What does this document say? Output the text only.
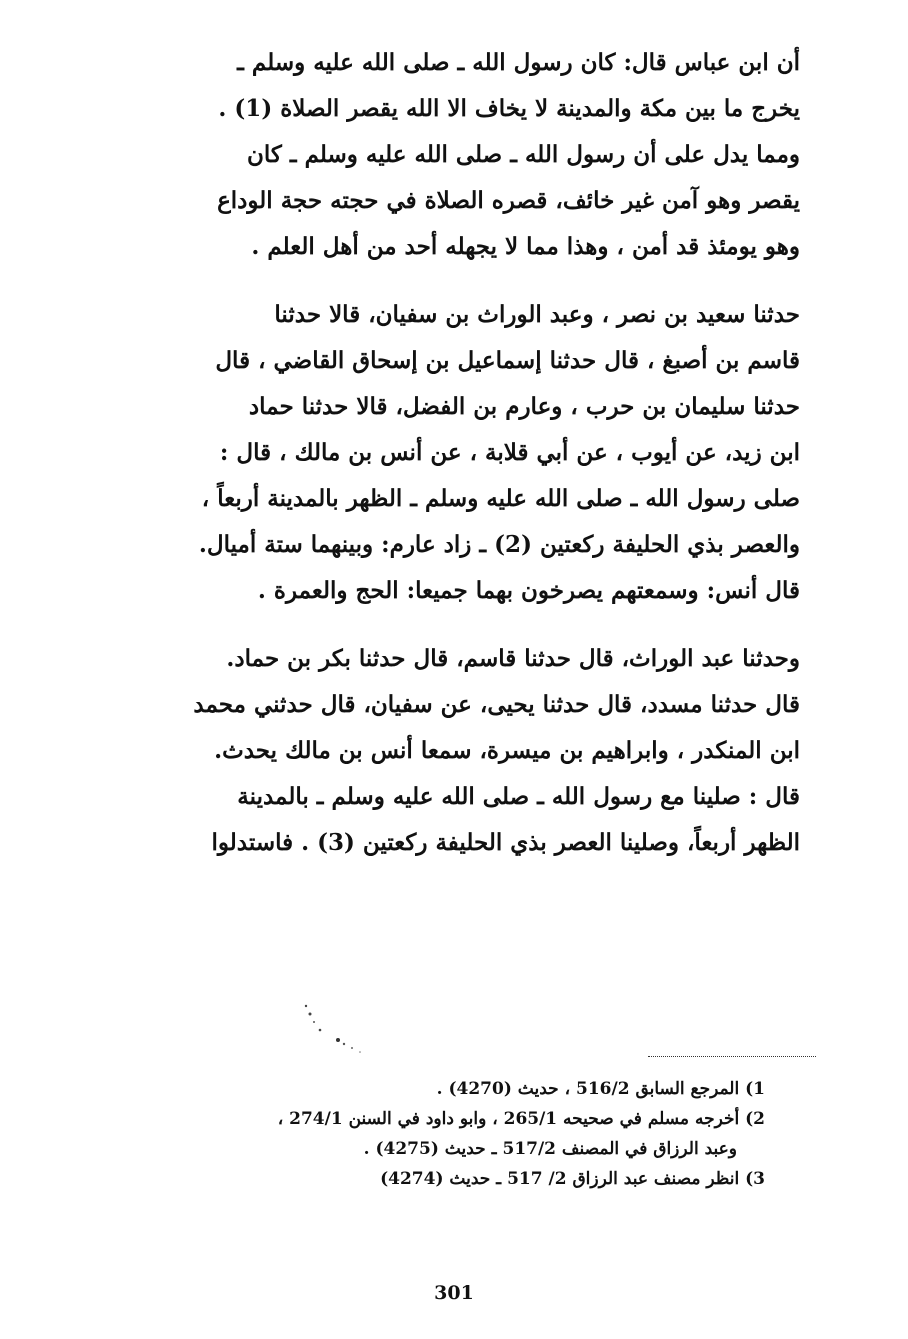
أن ابن عباس قال: كان رسول الله ـ صلى الله عليه وسلم ـ
يخرج ما بين مكة والمدينة لا يخاف الا الله يقصر الصلاة (1) .
ومما يدل على أن رسول الله ـ صلى الله عليه وسلم ـ كان
يقصر وهو آمن غير خائف، قصره الصلاة في حجته حجة الوداع
وهو يومئذ قد أمن ، وهذا مما لا يجهله أحد من أهل العلم .
حدثنا سعيد بن نصر ، وعبد الوراث بن سفيان، قالا حدثنا
قاسم بن أصبغ ، قال حدثنا إسماعيل بن إسحاق القاضي ، قال
حدثنا سليمان بن حرب ، وعارم بن الفضل، قالا حدثنا حماد
ابن زيد، عن أيوب ، عن أبي قلابة ، عن أنس بن مالك ، قال :
صلى رسول الله ـ صلى الله عليه وسلم ـ الظهر بالمدينة أربعاً ،
والعصر بذي الحليفة ركعتين (2) ـ زاد عارم: وبينهما ستة أميال.
قال أنس: وسمعتهم يصرخون بهما جميعا: الحج والعمرة .
وحدثنا عبد الوراث، قال حدثنا قاسم، قال حدثنا بكر بن حماد.
قال حدثنا مسدد، قال حدثنا يحيى، عن سفيان، قال حدثني محمد
ابن المنكدر ، وابراهيم بن ميسرة، سمعا أنس بن مالك يحدث.
قال : صلينا مع رسول الله ـ صلى الله عليه وسلم ـ بالمدينة
الظهر أربعاً، وصلينا العصر بذي الحليفة ركعتين (3) . فاستدلوا
1) المرجع السابق 516/2 ، حديث (4270) .
2) أخرجه مسلم في صحيحه 265/1 ، وابو داود في السنن 274/1 ،
وعبد الرزاق في المصنف 517/2 ـ حديث (4275) .
3) انظر مصنف عبد الرزاق 2/ 517 ـ حديث (4274)
301
